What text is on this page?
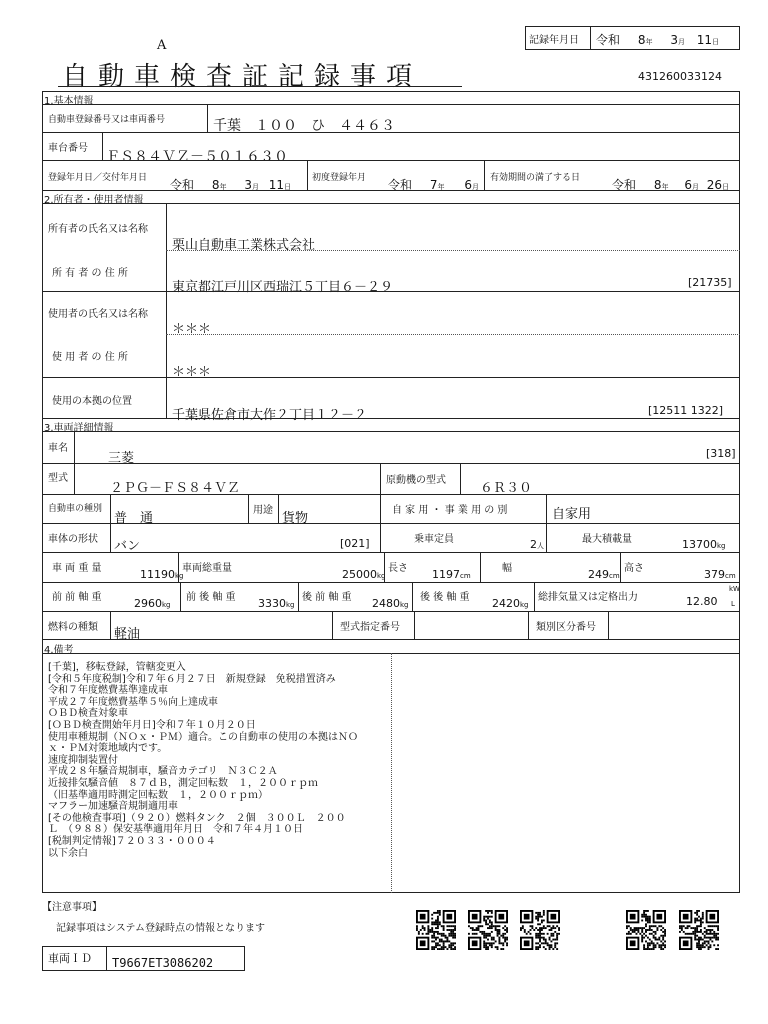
A
自動車検査証記録事項
記録年月日 令和 8年 3月 11日
431260033124
1.基本情報
自動車登録番号又は車両番号	千葉　１００　ひ　４４６３
車台番号
ＦＳ８４ＶＺ－５０１６３０
登録年月日／交付年月日 令和 8年 3月 11日
初度登録年月 令和 7年 6月
有効期間の満了する日	令和 8年 6月 26日
2.所有者・使用者情報
所有者の氏名又は名称
栗山自動車工業株式会社
所 有 者 の 住 所
東京都江戸川区西瑞江５丁目６－２９	[21735]
使用者の氏名又は名称
＊＊＊
使 用 者 の 住 所
＊＊＊
使用の本拠の位置
千葉県佐倉市大作２丁目１２－２	[12511 1322]
3.車両詳細情報
車名
三菱	[318]
型式
２ＰＧ－ＦＳ８４ＶＺ
原動機の型式
６Ｒ３０
自動車の種別
普　通
用途
貨物
自 家 用 ・ 事 業 用 の 別	自家用
車体の形状 バン	[021]	乗車定員	2人
最大積載量	13700kg
車 両 重 量	11190kg
車両総重量	25000kg
長さ 1197cm
幅	249cm
高さ	379cm
前 前 軸 重	2960kg
前 後 軸 重 3330kg
後 前 軸 重 2480kg
後 後 軸 重 2420kg
総排気量又は定格出力	12.80
kW
L
燃料の種類 軽油	型式指定番号	類別区分番号
4.備考
[千葉]，移転登録，管轄変更入
[令和５年度税制]令和７年６月２７日　新規登録　免税措置済み
令和７年度燃費基準達成車
平成２７年度燃費基準５％向上達成車
ＯＢＤ検査対象車
[ＯＢＤ検査開始年月日]令和７年１０月２０日
使用車種規制（ＮＯｘ・ＰＭ）適合。この自動車の使用の本拠はＮＯ
ｘ・ＰＭ対策地域内です。
速度抑制装置付
平成２８年騒音規制車，騒音カテゴリ　Ｎ３Ｃ２Ａ
近接排気騒音値　８７ｄＢ，測定回転数　１，２００ｒｐｍ
（旧基準適用時測定回転数　１，２００ｒｐｍ）
マフラー加速騒音規制適用車
[その他検査事項]（９２０）燃料タンク　２個　３００Ｌ　２００
Ｌ　（９８８）保安基準適用年月日　令和７年４月１０日
[税制判定情報]７２０３３・０００４
以下余白
【注意事項】
記録事項はシステム登録時点の情報となります
車両ＩＤ T9667ET3086202
